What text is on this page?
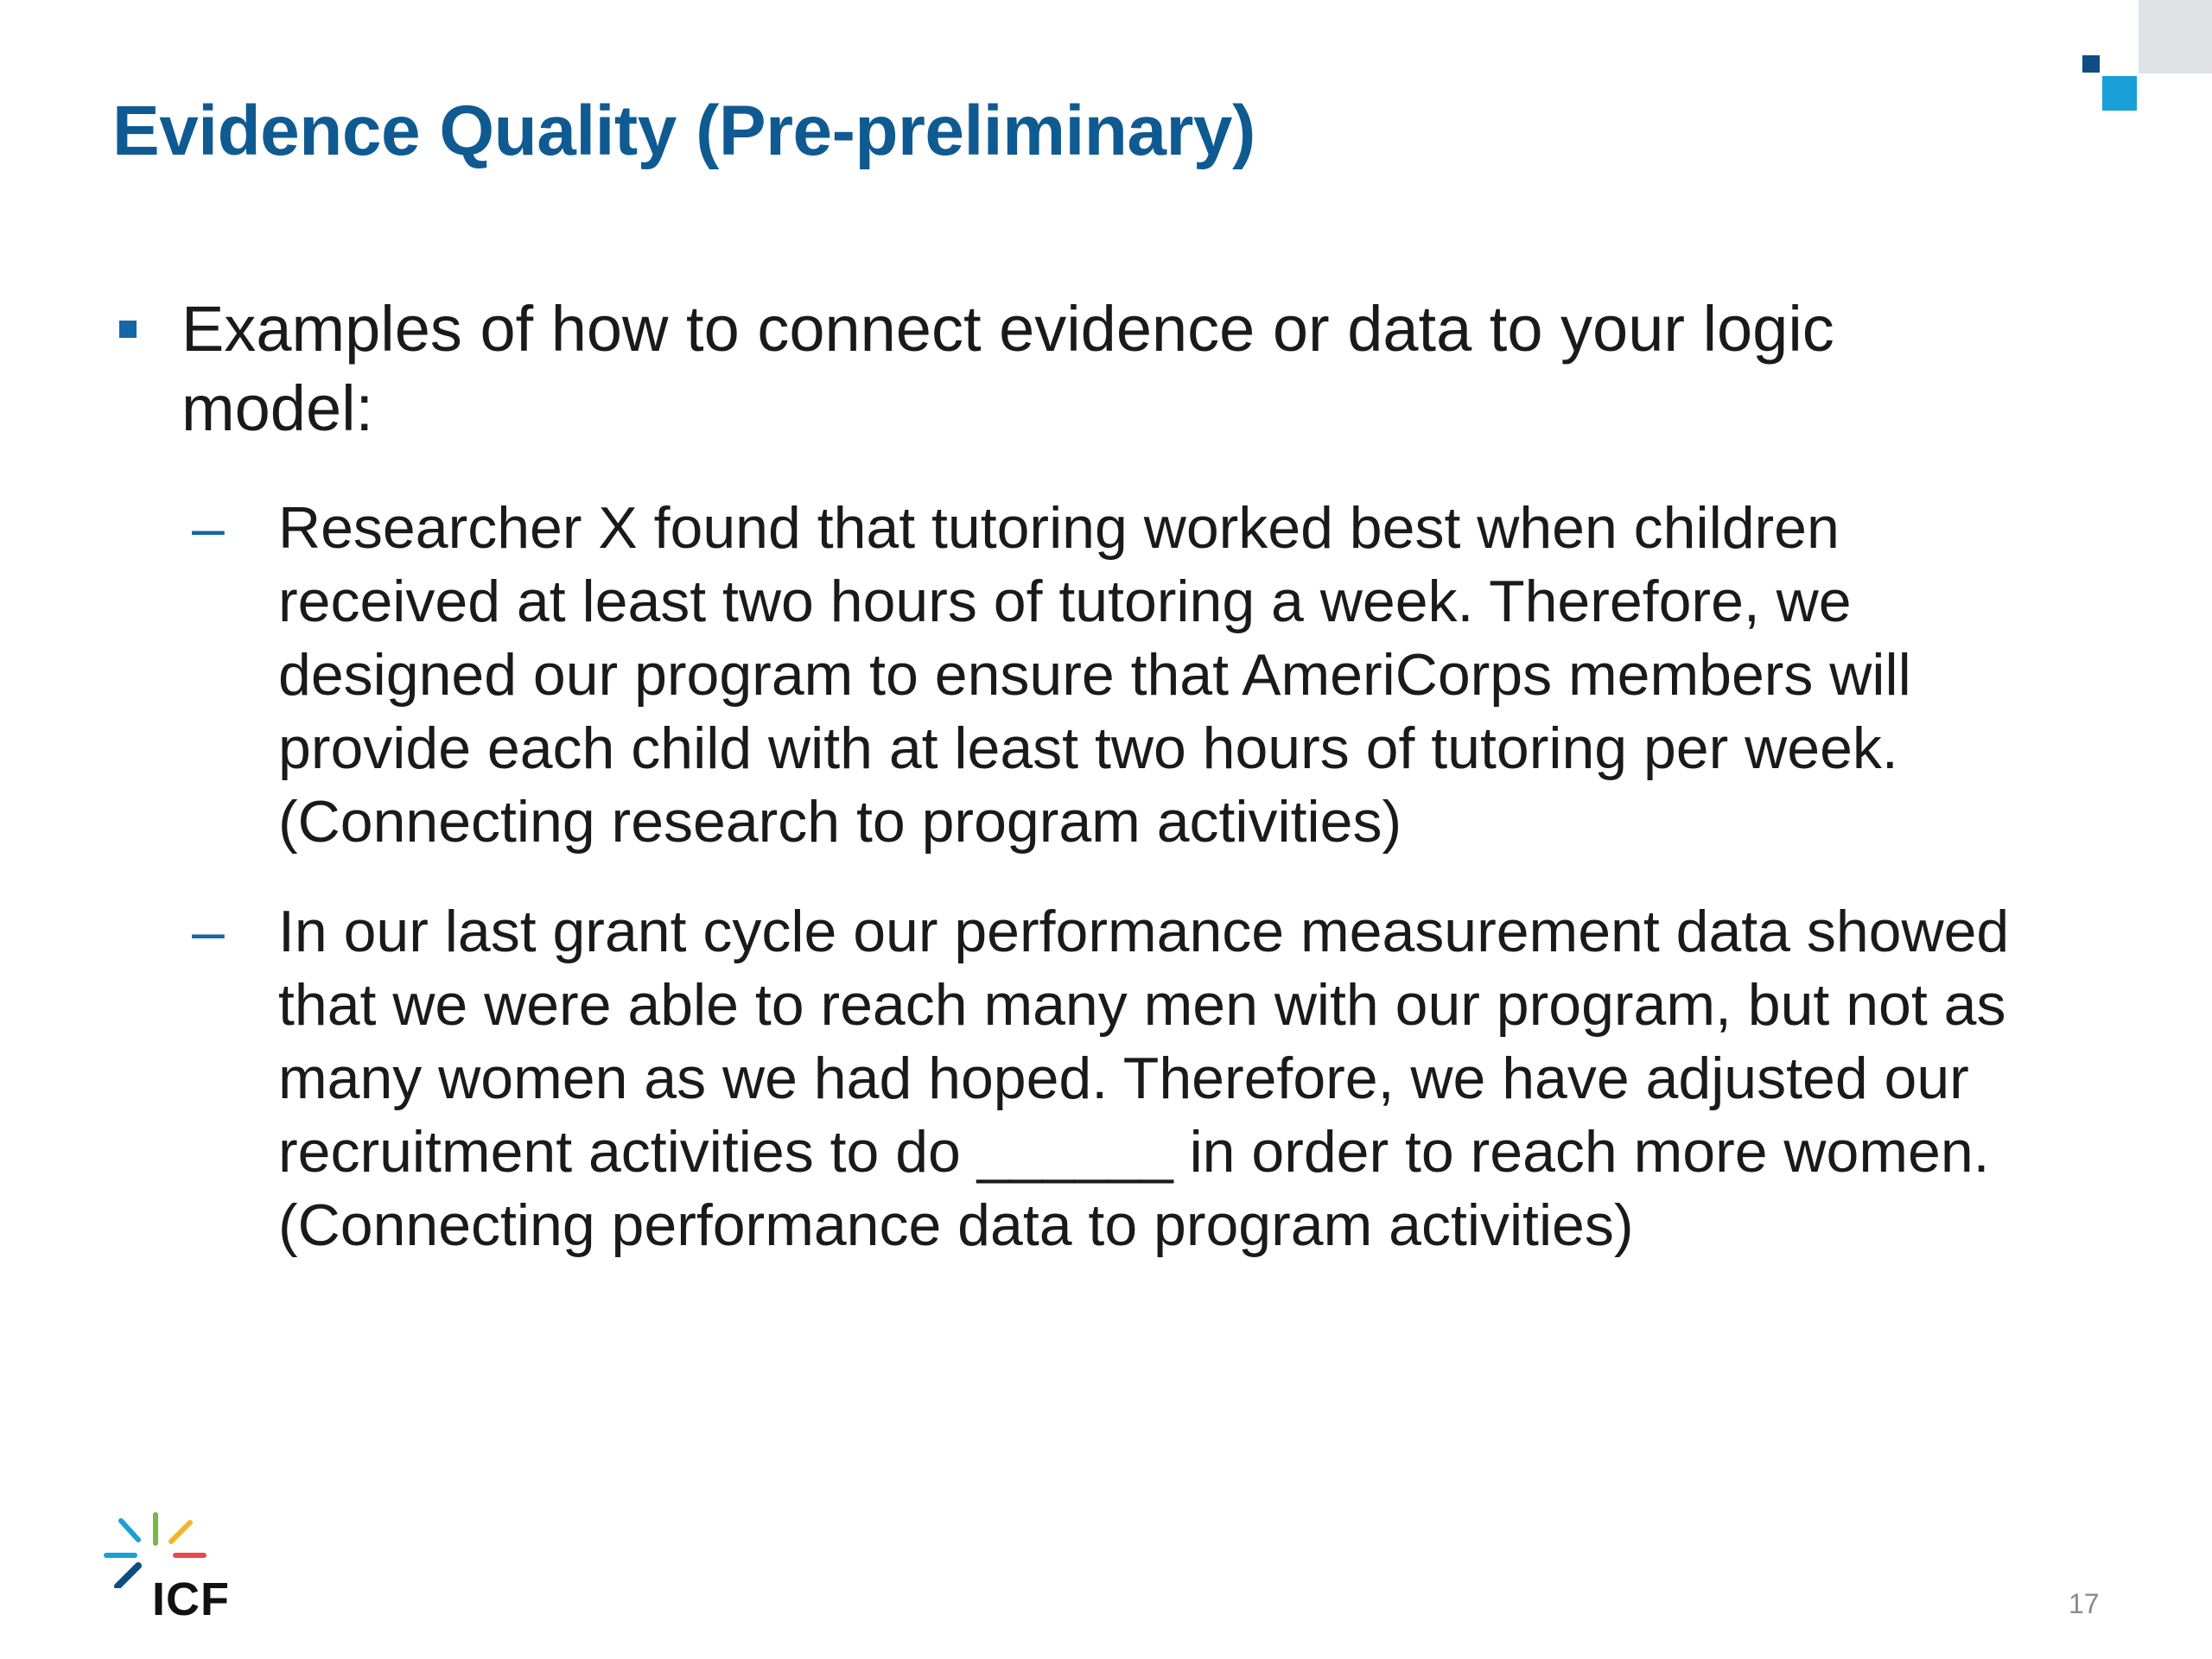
Evidence Quality (Pre-preliminary)
Examples of how to connect evidence or data to your logic model:
– Researcher X found that tutoring worked best when children
received at least two hours of tutoring a week. Therefore, we
designed our program to ensure that AmeriCorps members will
provide each child with at least two hours of tutoring per week.
(Connecting research to program activities)
– In our last grant cycle our performance measurement data showed
that we were able to reach many men with our program, but not as
many women as we had hoped. Therefore, we have adjusted our
recruitment activities to do ______ in order to reach more women.
(Connecting performance data to program activities)
ICF	17
